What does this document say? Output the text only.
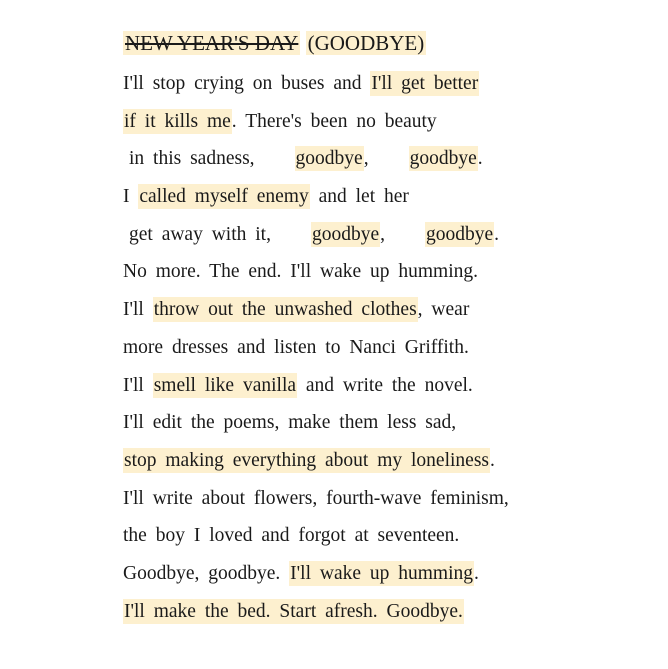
NEW YEAR'S DAY (GOODBYE)
I'll stop crying on buses and I'll get better
if it kills me. There's been no beauty
in this sadness, goodbye, goodbye.
I called myself enemy and let her
get away with it, goodbye, goodbye.
No more. The end. I'll wake up humming.
I'll throw out the unwashed clothes, wear
more dresses and listen to Nanci Griffith.
I'll smell like vanilla and write the novel.
I'll edit the poems, make them less sad,
stop making everything about my loneliness.
I'll write about flowers, fourth-wave feminism,
the boy I loved and forgot at seventeen.
Goodbye, goodbye. I'll wake up humming.
I'll make the bed. Start afresh. Goodbye.
